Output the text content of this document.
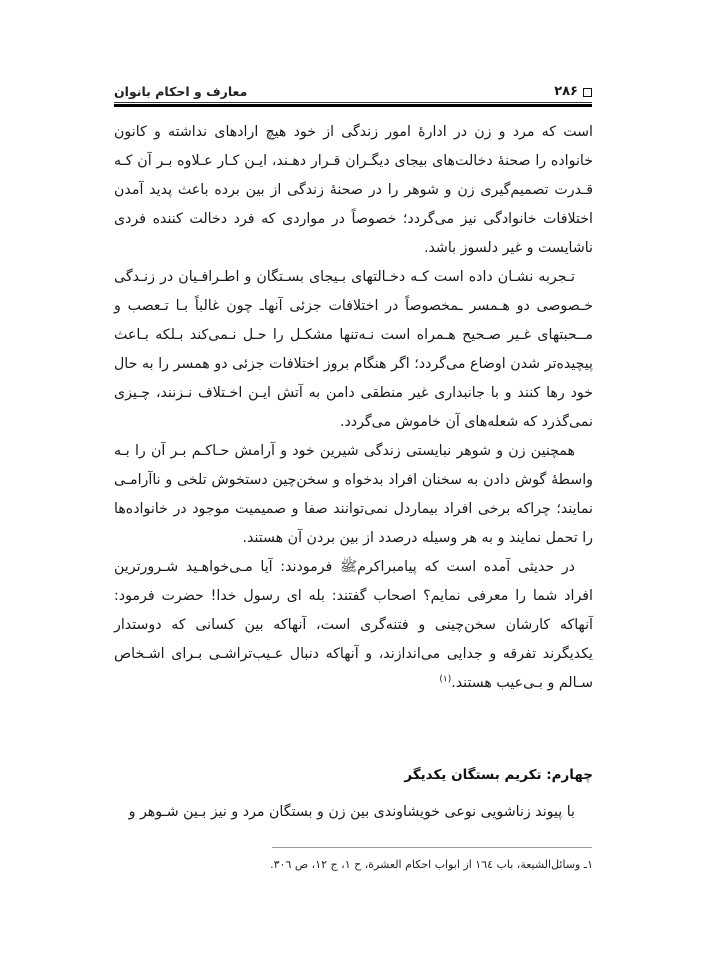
۲۸۶
معارف و احکام بانوان

است که مرد و زن در ادارهٔ امور زندگی از خود هیچ ارادهای نداشته و کانون خانواده را صحنهٔ دخالت‌های بیجای دیگـران قـرار دهـند، ایـن کـار عـلاوه بـر آن کـه قـدرت تصمیم‌گیری زن و شوهر را در صحنهٔ زندگی از بین برده باعث پدید آمدن اختلافات خانوادگی نیز می‌گردد؛ خصوصاً در مواردی که فرد دخالت کننده فردی ناشایست و غیر دلسوز باشد.

تـجربه نشـان داده است کـه دخـالتهای بـیجای بسـتگان و اطـرافـیان در زنـدگی خـصوصی دو هـمسر ـمخصوصاً در اختلافات جزئی آنهاـ چون غالباً بـا تـعصب و مــحبتهای غـیر صـحیح هـمراه است نـه‌تنها مشکـل را حـل نـمی‌کند بـلکه بـاعث پیچیده‌تر شدن اوضاع می‌گردد؛ اگر هنگام بروز اختلافات جزئی دو همسر را به حال خود رها کنند و با جانبداری غیر منطقی دامن به آتش ایـن اخـتلاف نـزنند، چـیزی نمی‌گذرد که شعله‌های آن خاموش می‌گردد.

همچنین زن و شوهر نبایستی زندگی شیرین خود و آرامش حـاکـم بـر آن را بـه واسطهٔ گوش دادن به سخنان افراد بدخواه و سخن‌چین دستخوش تلخی و ناآرامـی نمایند؛ چراکه برخی افراد بیماردل نمی‌توانند صفا و صمیمیت موجود در خانواده‌ها را تحمل نمایند و به هر وسیله درصدد از بین بردن آن هستند.

در حدیثی آمده است که پیامبراکرمﷺ فرمودند: آیا مـی‌خواهـید شـرورترین افراد شما را معرفی نمایم؟ اصحاب گفتند: بله ای رسول خدا! حضرت فرمود: آنهاکه کارشان سخن‌چینی و فتنه‌گری است، آنهاکه بین کسانی که دوستدار یکدیگرند تفرقه و جدایی می‌اندازند، و آنهاکه دنبال عـیب‌تراشـی بـرای اشـخاص سـالم و بـی‌عیب هستند.$^{(۱)}$

چهارم: تکریم بستگان یکدیگر
با پیوند زناشویی نوعی خویشاوندی بین زن و بستگان مرد و نیز بـین شـوهر و
۱ـ وسائل‌الشیعة، باب ١٦٤ از ابواب احکام العشرة، ح ١، ج ١٢، ص ٣٠٦.
